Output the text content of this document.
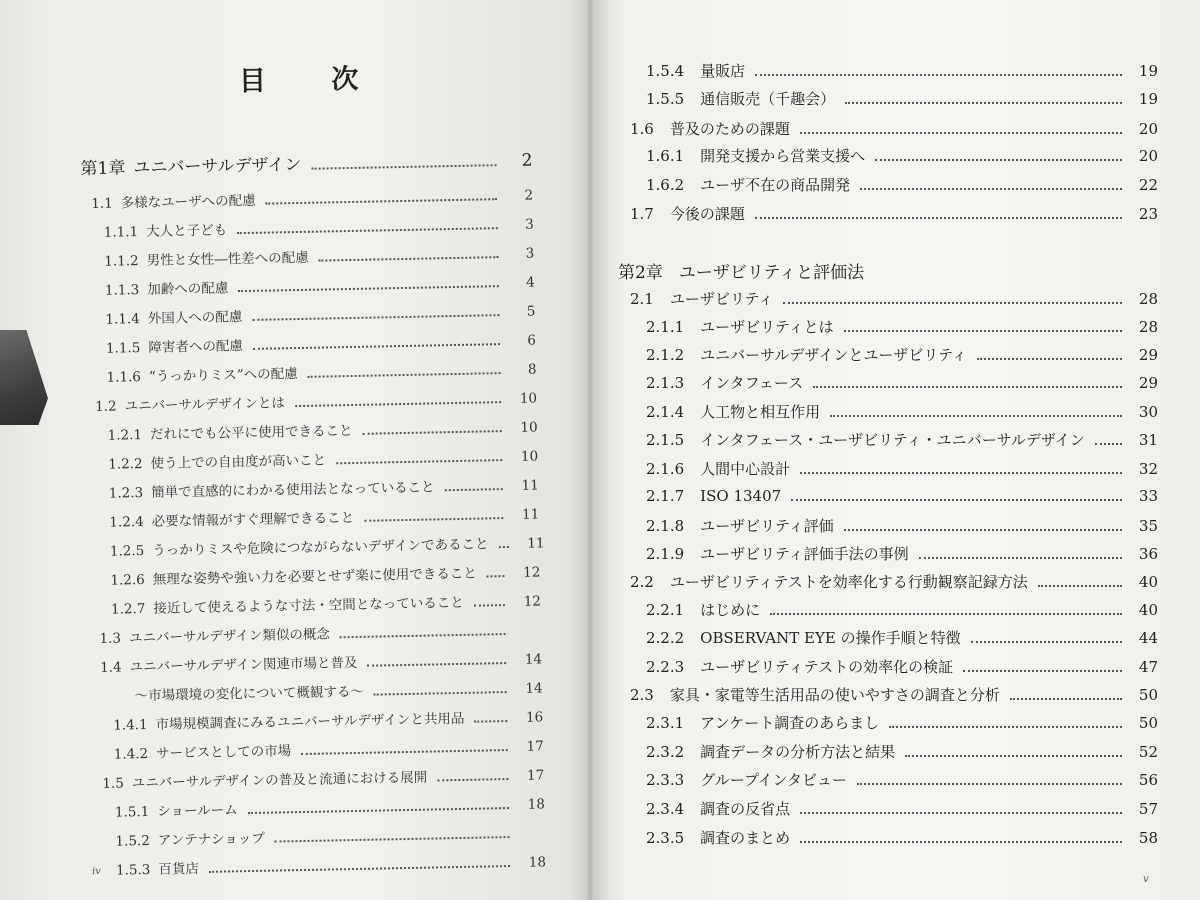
目 次
第1章 ユニバーサルデザイン	2
1.1 多様なユーザへの配慮	2
1.1.1 大人と子ども	3
1.1.2 男性と女性―性差への配慮	3
1.1.3 加齢への配慮	4
1.1.4 外国人への配慮	5
1.1.5 障害者への配慮	6
1.1.6 “うっかりミス”への配慮	8
1.2 ユニバーサルデザインとは	10
1.2.1 だれにでも公平に使用できること	10
1.2.2 使う上での自由度が高いこと	10
1.2.3 簡単で直感的にわかる使用法となっていること	11
1.2.4 必要な情報がすぐ理解できること	11
1.2.5 うっかりミスや危険につながらないデザインであること	11
1.2.6 無理な姿勢や強い力を必要とせず楽に使用できること	12
1.2.7 接近して使えるような寸法・空間となっていること	12
1.3 ユニバーサルデザイン類似の概念
1.4 ユニバーサルデザイン関連市場と普及	14
～市場環境の変化について概観する～	14
1.4.1 市場規模調査にみるユニバーサルデザインと共用品	16
1.4.2 サービスとしての市場	17
1.5 ユニバーサルデザインの普及と流通における展開	17
1.5.1 ショールーム	18
1.5.2 アンテナショップ
1.5.3 百貨店	18
iv
1.5.4 量販店	19
1.5.5 通信販売（千趣会）	19
1.6 普及のための課題	20
1.6.1 開発支援から営業支援へ	20
1.6.2 ユーザ不在の商品開発	22
1.7 今後の課題	23
第2章 ユーザビリティと評価法
2.1 ユーザビリティ	28
2.1.1 ユーザビリティとは	28
2.1.2 ユニバーサルデザインとユーザビリティ	29
2.1.3 インタフェース	29
2.1.4 人工物と相互作用	30
2.1.5 インタフェース・ユーザビリティ・ユニバーサルデザイン	31
2.1.6 人間中心設計	32
2.1.7 ISO 13407	33
2.1.8 ユーザビリティ評価	35
2.1.9 ユーザビリティ評価手法の事例	36
2.2 ユーザビリティテストを効率化する行動観察記録方法	40
2.2.1 はじめに	40
2.2.2 OBSERVANT EYE の操作手順と特徴	44
2.2.3 ユーザビリティテストの効率化の検証	47
2.3 家具・家電等生活用品の使いやすさの調査と分析	50
2.3.1 アンケート調査のあらまし	50
2.3.2 調査データの分析方法と結果	52
2.3.3 グループインタビュー	56
2.3.4 調査の反省点	57
2.3.5 調査のまとめ	58
v
